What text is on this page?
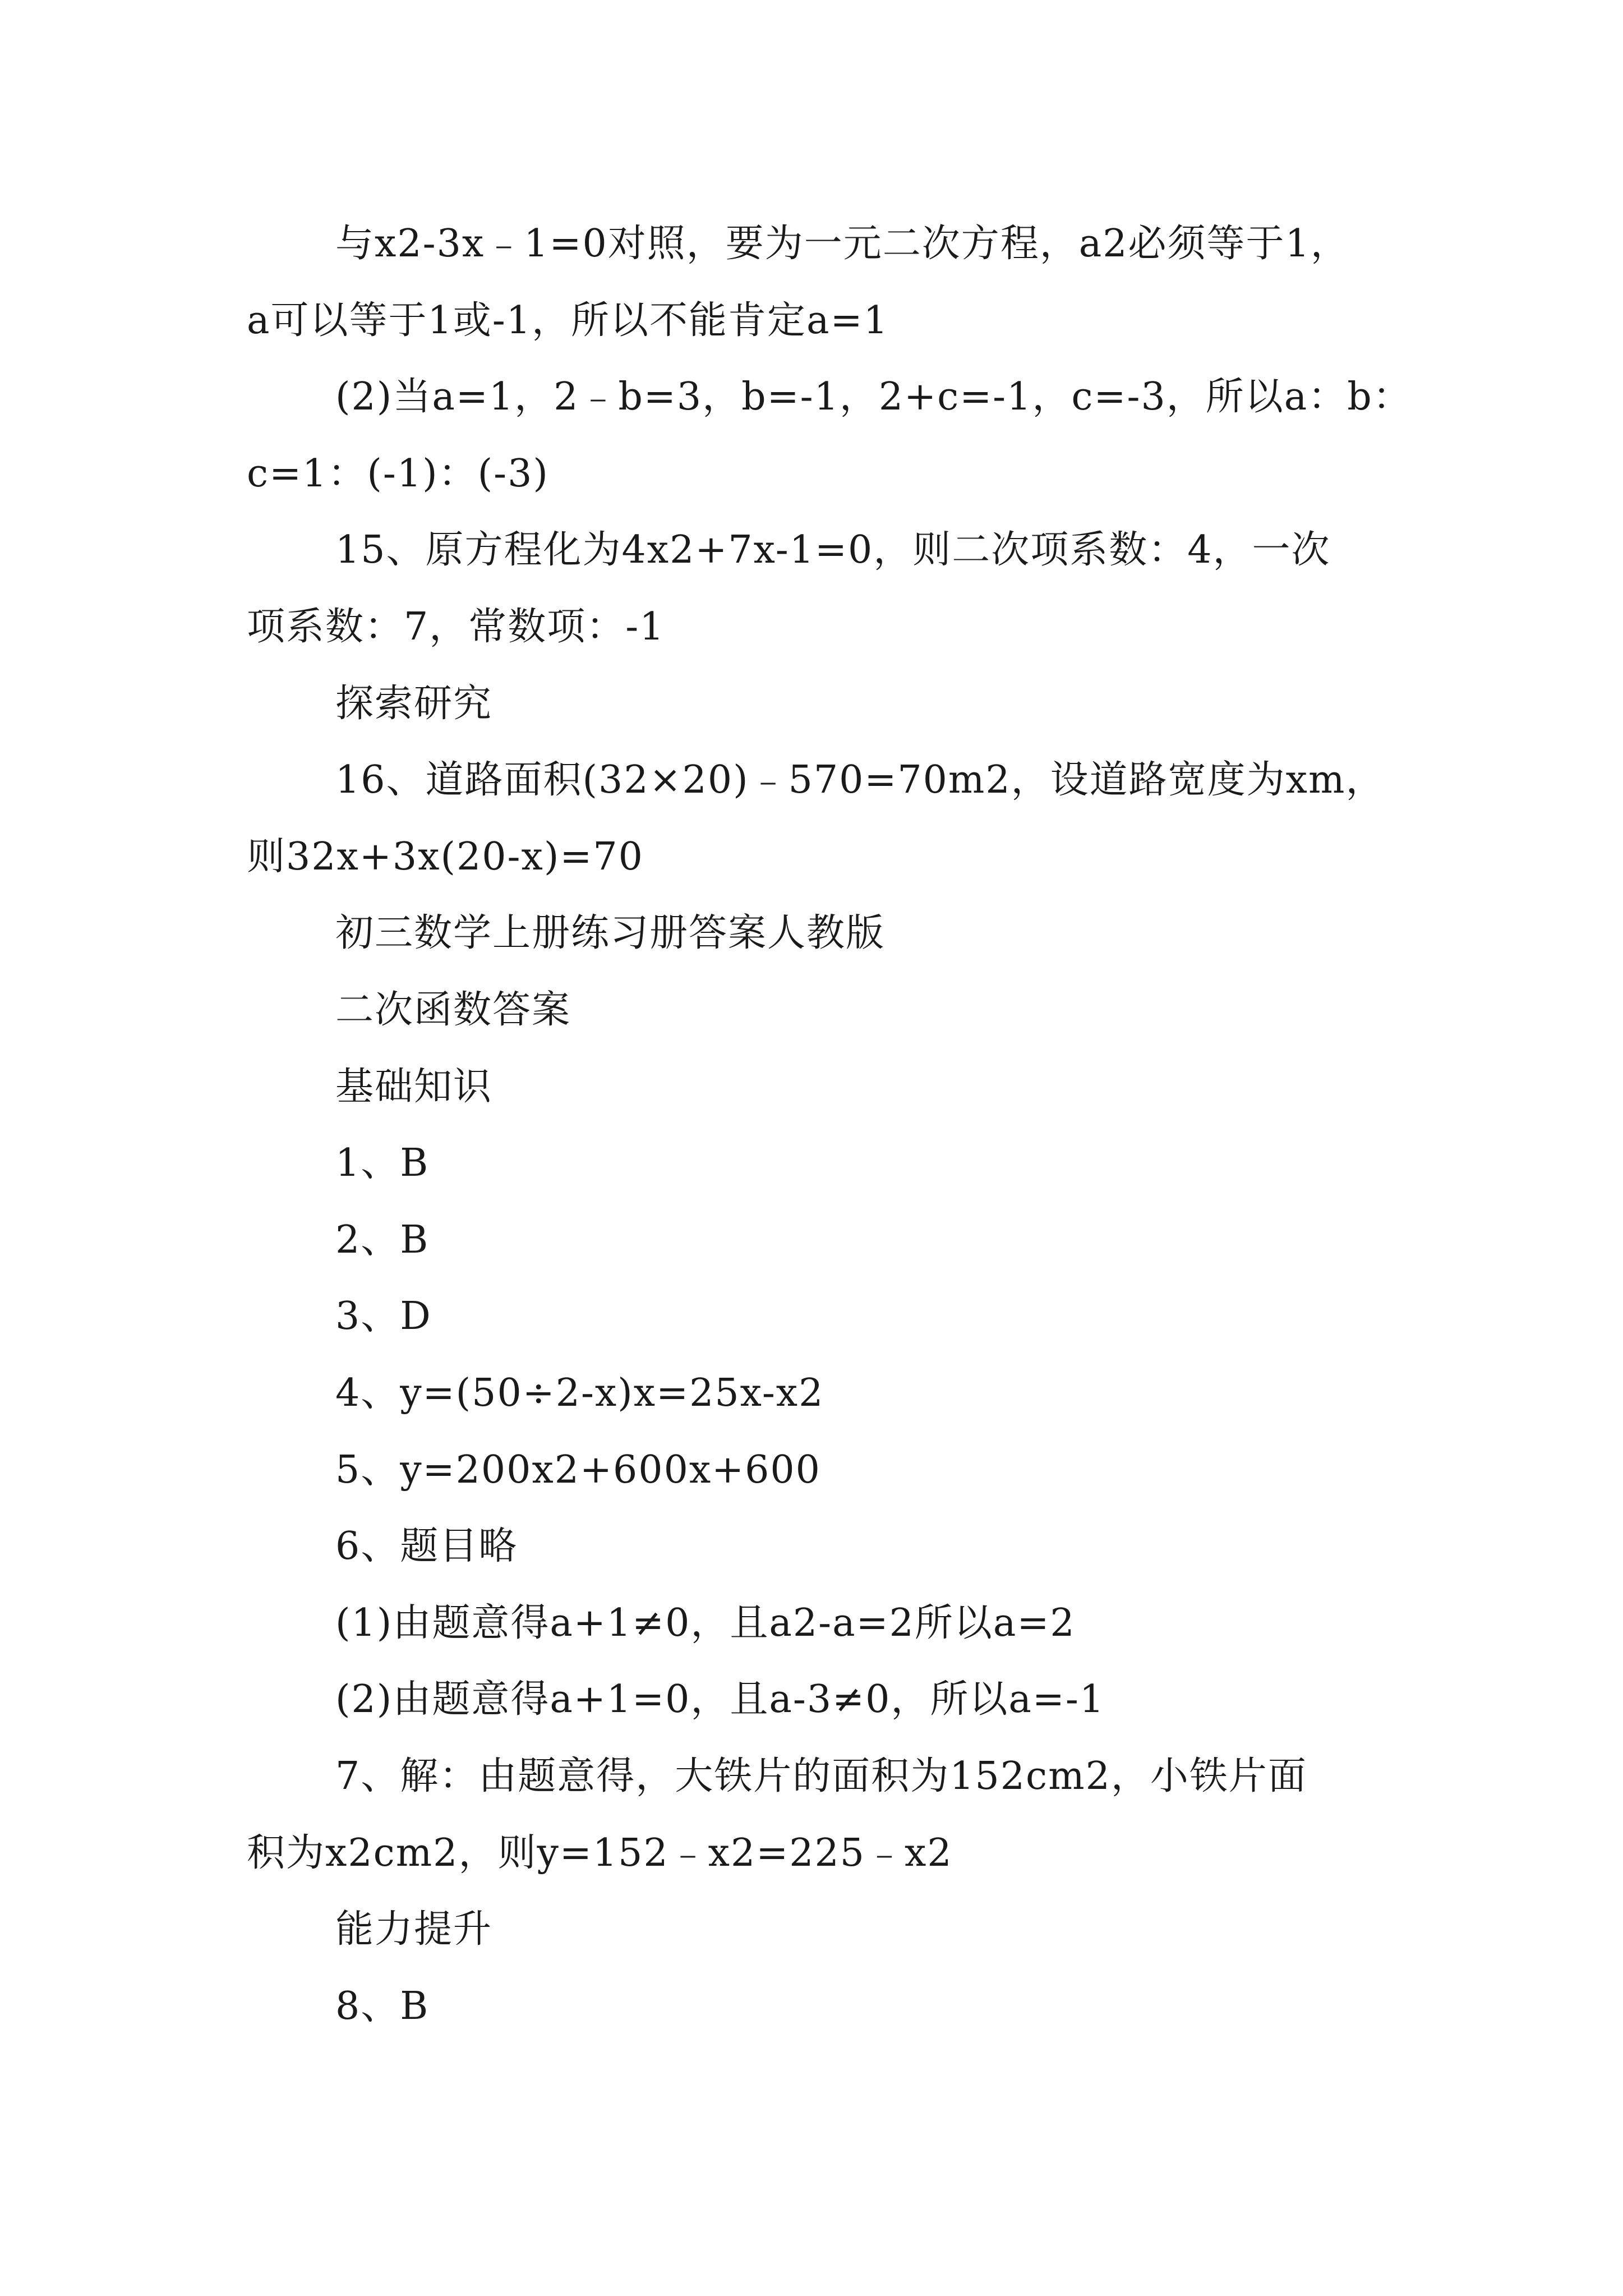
与x2-3x﹣1=0对照，要为一元二次方程，a2必须等于1，
a可以等于1或-1，所以不能肯定a=1
(2)当a=1，2﹣b=3，b=-1，2+c=-1，c=-3，所以a：b：
c=1：(-1)：(-3)
15、原方程化为4x2+7x-1=0，则二次项系数：4，一次
项系数：7，常数项：-1
探索研究
16、道路面积(32×20)﹣570=70m2，设道路宽度为xm，
则32x+3x(20-x)=70
初三数学上册练习册答案人教版
二次函数答案
基础知识
1、B
2、B
3、D
4、y=(50÷2-x)x=25x-x2
5、y=200x2+600x+600
6、题目略
(1)由题意得a+1≠0，且a2-a=2所以a=2
(2)由题意得a+1=0，且a-3≠0，所以a=-1
7、解：由题意得，大铁片的面积为152cm2，小铁片面
积为x2cm2，则y=152﹣x2=225﹣x2
能力提升
8、B
